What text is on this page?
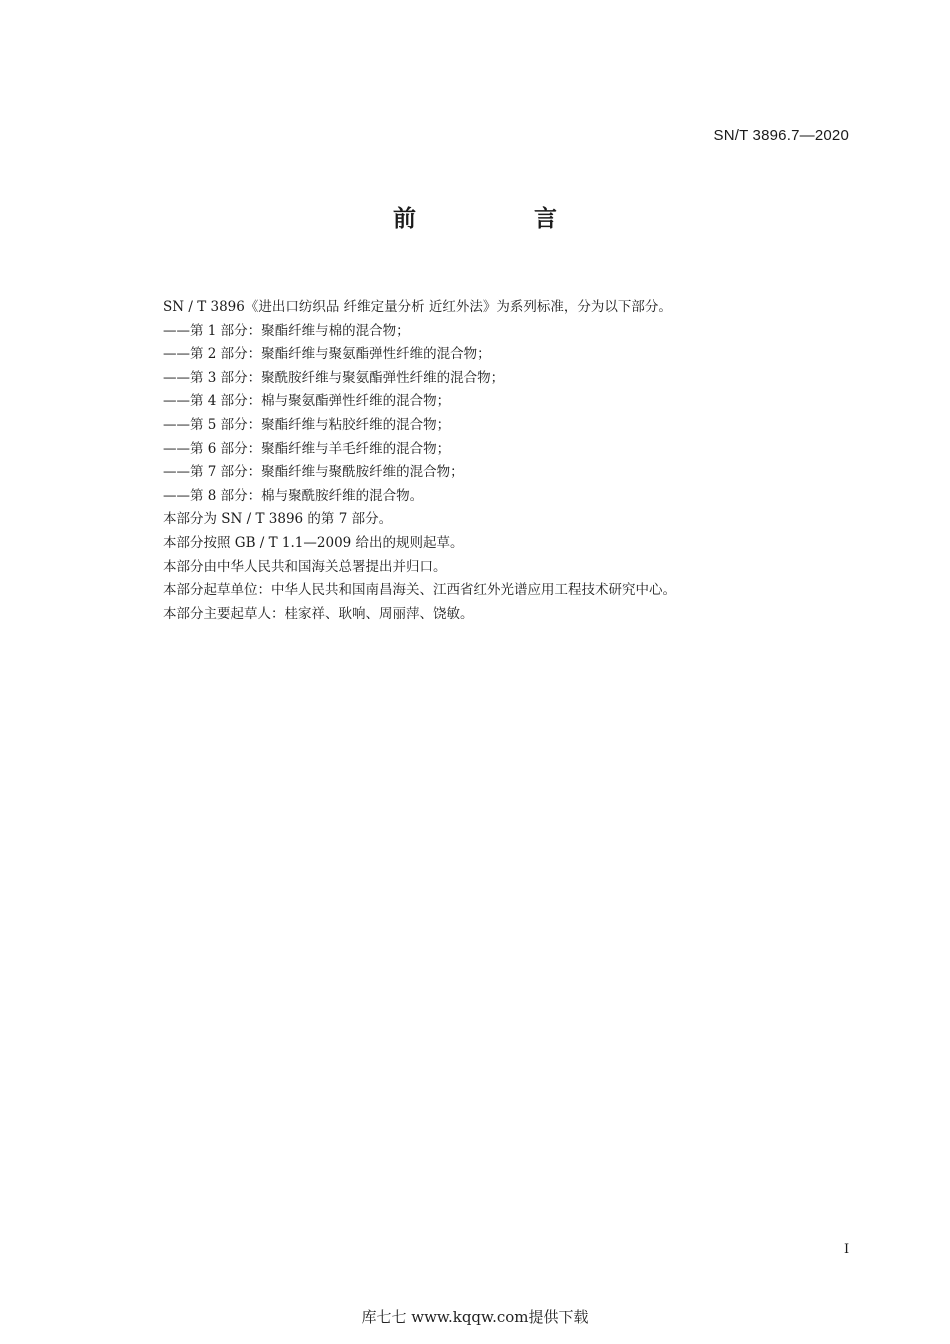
SN/T 3896.7—2020
前 言
SN / T 3896《进出口纺织品 纤维定量分析 近红外法》为系列标准，分为以下部分。
——第 1 部分：聚酯纤维与棉的混合物；
——第 2 部分：聚酯纤维与聚氨酯弹性纤维的混合物；
——第 3 部分：聚酰胺纤维与聚氨酯弹性纤维的混合物；
——第 4 部分：棉与聚氨酯弹性纤维的混合物；
——第 5 部分：聚酯纤维与粘胶纤维的混合物；
——第 6 部分：聚酯纤维与羊毛纤维的混合物；
——第 7 部分：聚酯纤维与聚酰胺纤维的混合物；
——第 8 部分：棉与聚酰胺纤维的混合物。
本部分为 SN / T 3896 的第 7 部分。
本部分按照 GB / T 1.1—2009 给出的规则起草。
本部分由中华人民共和国海关总署提出并归口。
本部分起草单位：中华人民共和国南昌海关、江西省红外光谱应用工程技术研究中心。
本部分主要起草人：桂家祥、耿响、周丽萍、饶敏。
I
库七七 www.kqqw.com提供下载
